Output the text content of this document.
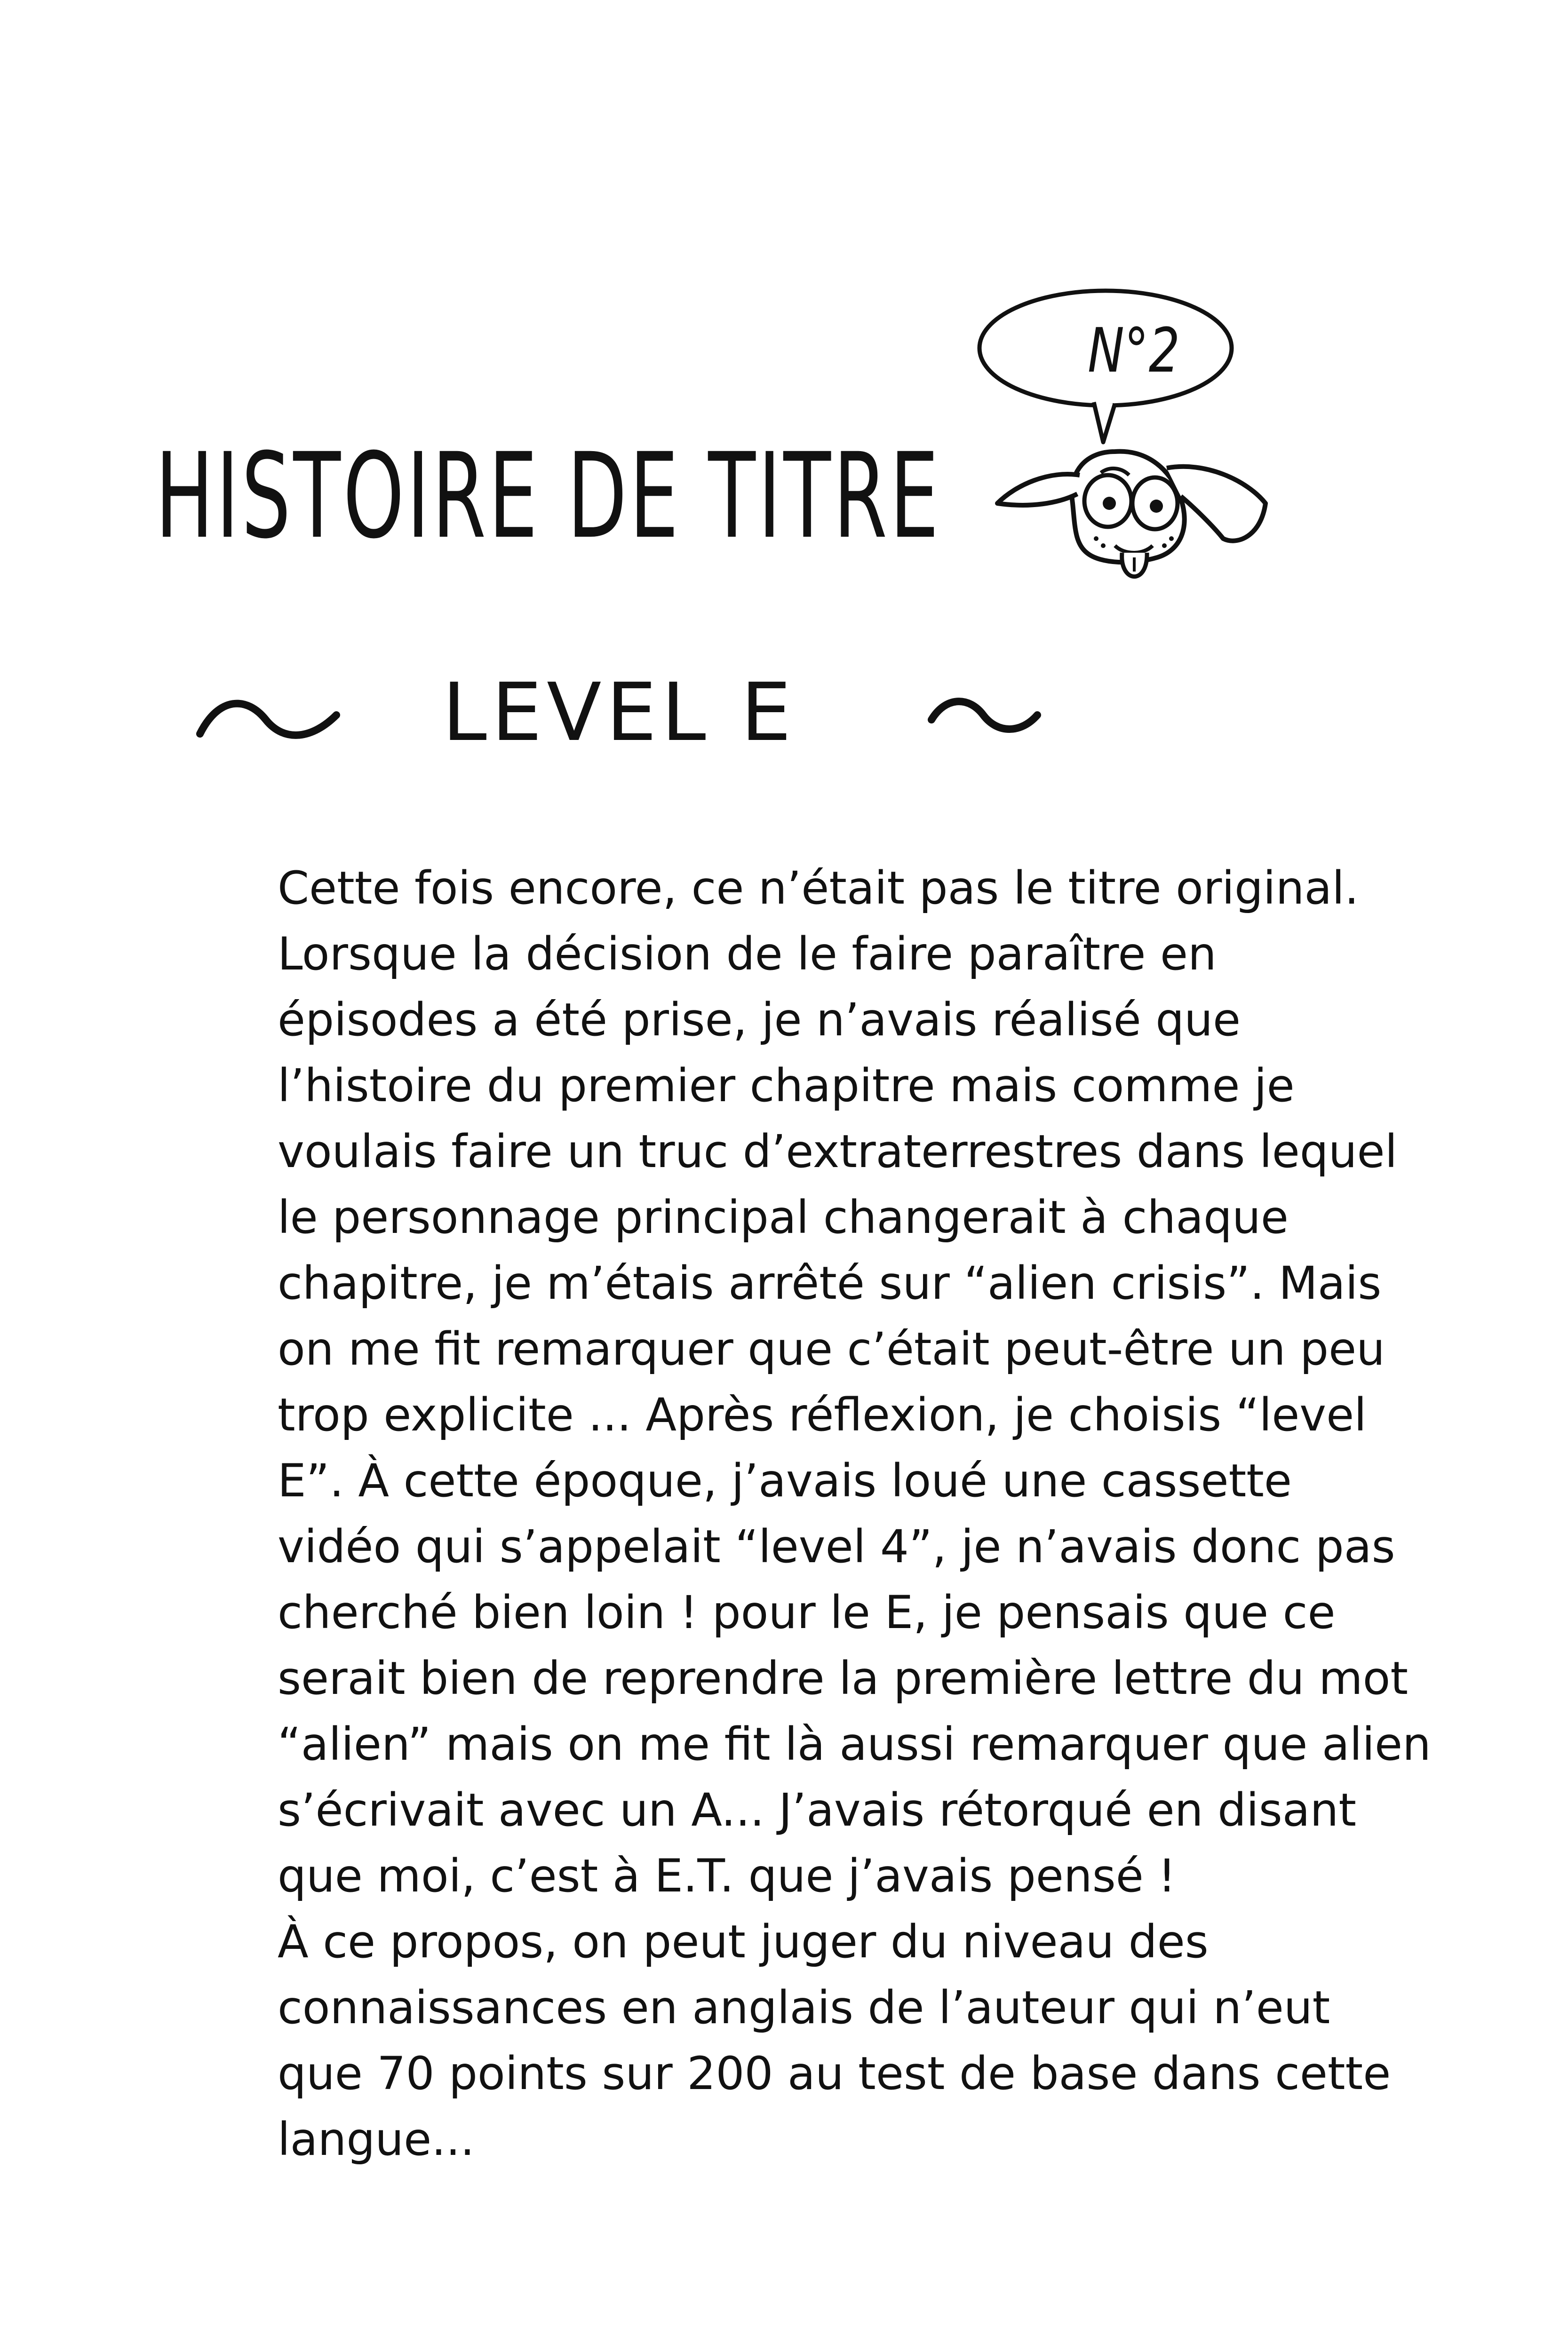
HISTOIRE DE TITRE
N°2
LEVEL E
Cette fois encore, ce n’était pas le titre original.
Lorsque la décision de le faire paraître en
épisodes a été prise, je n’avais réalisé que
l’histoire du premier chapitre mais comme je
voulais faire un truc d’extraterrestres dans lequel
le personnage principal changerait à chaque
chapitre, je m’étais arrêté sur “alien crisis”. Mais
on me fit remarquer que c’était peut-être un peu
trop explicite ... Après réflexion, je choisis “level
E”. À cette époque, j’avais loué une cassette
vidéo qui s’appelait “level 4”, je n’avais donc pas
cherché bien loin ! pour le E, je pensais que ce
serait bien de reprendre la première lettre du mot
“alien” mais on me fit là aussi remarquer que alien
s’écrivait avec un A... J’avais rétorqué en disant
que moi, c’est à E.T. que j’avais pensé !
À ce propos, on peut juger du niveau des
connaissances en anglais de l’auteur qui n’eut
que 70 points sur 200 au test de base dans cette
langue...
